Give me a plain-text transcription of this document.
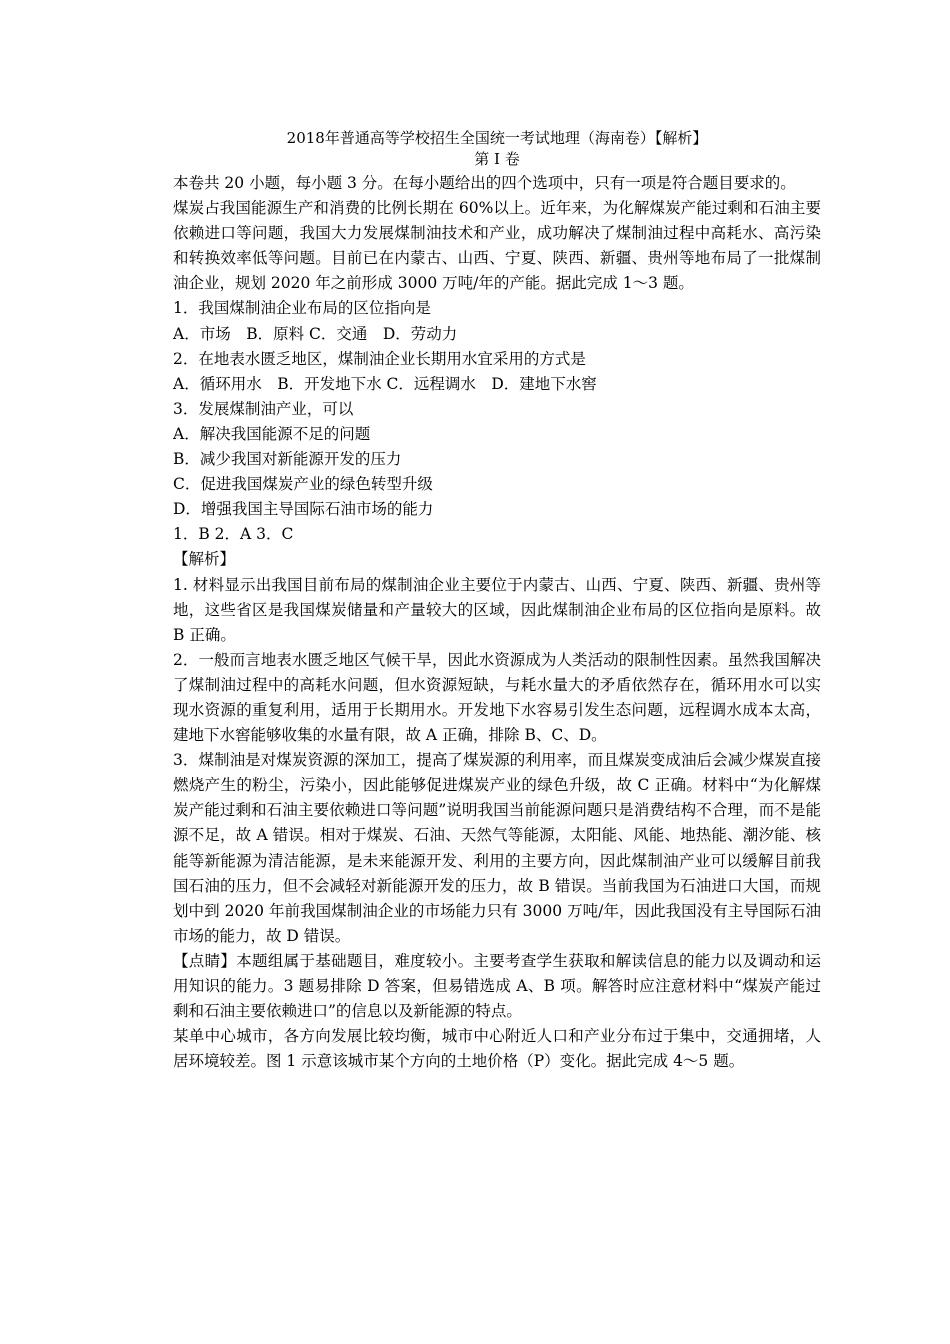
2018年普通高等学校招生全国统一考试地理（海南卷）【解析】

第 I 卷

本卷共 20 小题，每小题 3 分。在每小题给出的四个选项中，只有一项是符合题目要求的。

煤炭占我国能源生产和消费的比例长期在 60%以上。近年来，为化解煤炭产能过剩和石油主要依赖进口等问题，我国大力发展煤制油技术和产业，成功解决了煤制油过程中高耗水、高污染和转换效率低等问题。目前已在内蒙古、山西、宁夏、陕西、新疆、贵州等地布局了一批煤制油企业，规划 2020 年之前形成 3000 万吨/年的产能。据此完成 1～3 题。

1．我国煤制油企业布局的区位指向是

A．市场　B．原料 C．交通　D．劳动力

2．在地表水匮乏地区，煤制油企业长期用水宜采用的方式是

A．循环用水　B．开发地下水 C．远程调水　D．建地下水窖

3．发展煤制油产业，可以

A．解决我国能源不足的问题

B．减少我国对新能源开发的压力

C．促进我国煤炭产业的绿色转型升级

D．增强我国主导国际石油市场的能力

1．B 2．A 3．C

【解析】

1. 材料显示出我国目前布局的煤制油企业主要位于内蒙古、山西、宁夏、陕西、新疆、贵州等地，这些省区是我国煤炭储量和产量较大的区域，因此煤制油企业布局的区位指向是原料。故 B 正确。

2．一般而言地表水匮乏地区气候干旱，因此水资源成为人类活动的限制性因素。虽然我国解决了煤制油过程中的高耗水问题，但水资源短缺，与耗水量大的矛盾依然存在，循环用水可以实现水资源的重复利用，适用于长期用水。开发地下水容易引发生态问题，远程调水成本太高，建地下水窖能够收集的水量有限，故 A 正确，排除 B、C、D。

3．煤制油是对煤炭资源的深加工，提高了煤炭源的利用率，而且煤炭变成油后会减少煤炭直接燃烧产生的粉尘，污染小，因此能够促进煤炭产业的绿色升级，故 C 正确。材料中“为化解煤炭产能过剩和石油主要依赖进口等问题”说明我国当前能源问题只是消费结构不合理，而不是能源不足，故 A 错误。相对于煤炭、石油、天然气等能源，太阳能、风能、地热能、潮汐能、核能等新能源为清洁能源，是未来能源开发、利用的主要方向，因此煤制油产业可以缓解目前我国石油的压力，但不会减轻对新能源开发的压力，故 B 错误。当前我国为石油进口大国，而规划中到 2020 年前我国煤制油企业的市场能力只有 3000 万吨/年，因此我国没有主导国际石油市场的能力，故 D 错误。

【点睛】本题组属于基础题目，难度较小。主要考查学生获取和解读信息的能力以及调动和运用知识的能力。3 题易排除 D 答案，但易错选成 A、B 项。解答时应注意材料中“煤炭产能过剩和石油主要依赖进口”的信息以及新能源的特点。

某单中心城市，各方向发展比较均衡，城市中心附近人口和产业分布过于集中，交通拥堵，人居环境较差。图 1 示意该城市某个方向的土地价格（P）变化。据此完成 4～5 题。
